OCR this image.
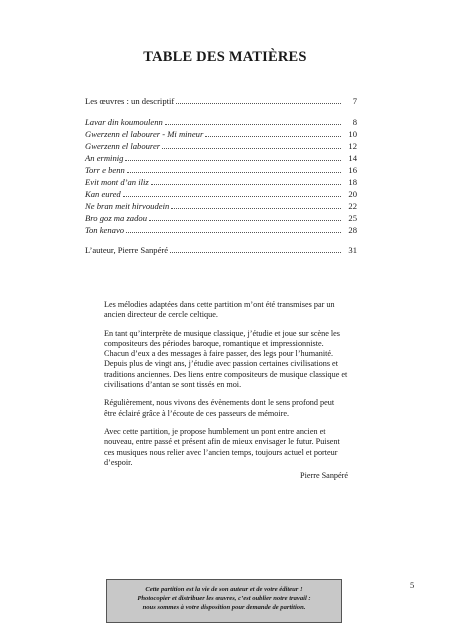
TABLE DES MATIÈRES
Les œuvres : un descriptif	7
Lavar din koumoulenn	8
Gwerzenn el labourer - Mi mineur	10
Gwerzenn el labourer	12
An erminig	14
Torr e benn	16
Evit mont d’an iliz	18
Kan eured	20
Ne bran meit hirvoudein	22
Bro goz ma zadou	25
Ton kenavo	28
L’auteur, Pierre Sanpéré	31

Les mélodies adaptées dans cette partition m’ont été transmises par un ancien directeur de cercle celtique.

En tant qu’interprète de musique classique, j’étudie et joue sur scène les compositeurs des périodes baroque, romantique et impressionniste. Chacun d’eux a des messages à faire passer, des legs pour l’humanité. Depuis plus de vingt ans, j’étudie avec passion certaines civilisations et traditions anciennes. Des liens entre compositeurs de musique classique et civilisations d’antan se sont tissés en moi.

Régulièrement, nous vivons des évènements dont le sens profond peut être éclairé grâce à l’écoute de ces passeurs de mémoire.

Avec cette partition, je propose humblement un pont entre ancien et nouveau, entre passé et présent afin de mieux envisager le futur. Puisent ces musiques nous relier avec l’ancien temps, toujours actuel et porteur d’espoir.

Pierre Sanpéré

Cette partition est la vie de son auteur et de votre éditeur !
Photocopier et distribuer les œuvres, c’est oublier notre travail :
nous sommes à votre disposition pour demande de partition.
5
